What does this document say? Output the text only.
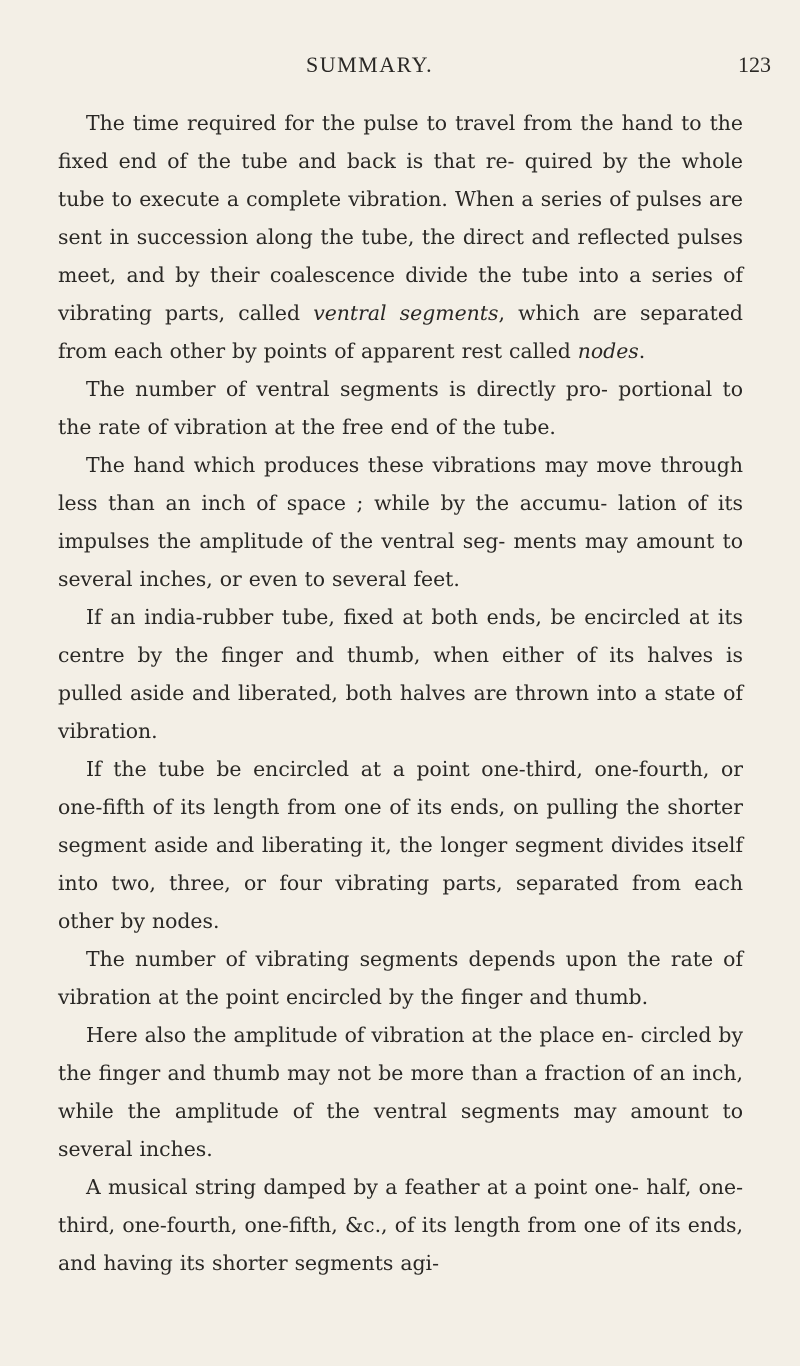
SUMMARY.	123

The time required for the pulse to travel from the hand to the fixed end of the tube and back is that re- quired by the whole tube to execute a complete vibration. When a series of pulses are sent in succession along the tube, the direct and reflected pulses meet, and by their coalescence divide the tube into a series of vibrating parts, called ventral segments, which are separated from each other by points of apparent rest called nodes.

The number of ventral segments is directly pro- portional to the rate of vibration at the free end of the tube.

The hand which produces these vibrations may move through less than an inch of space ; while by the accumu- lation of its impulses the amplitude of the ventral seg- ments may amount to several inches, or even to several feet.

If an india-rubber tube, fixed at both ends, be encircled at its centre by the finger and thumb, when either of its halves is pulled aside and liberated, both halves are thrown into a state of vibration.

If the tube be encircled at a point one-third, one-fourth, or one-fifth of its length from one of its ends, on pulling the shorter segment aside and liberating it, the longer segment divides itself into two, three, or four vibrating parts, separated from each other by nodes.

The number of vibrating segments depends upon the rate of vibration at the point encircled by the finger and thumb.

Here also the amplitude of vibration at the place en- circled by the finger and thumb may not be more than a fraction of an inch, while the amplitude of the ventral segments may amount to several inches.

A musical string damped by a feather at a point one- half, one-third, one-fourth, one-fifth, &c., of its length from one of its ends, and having its shorter segments agi-
